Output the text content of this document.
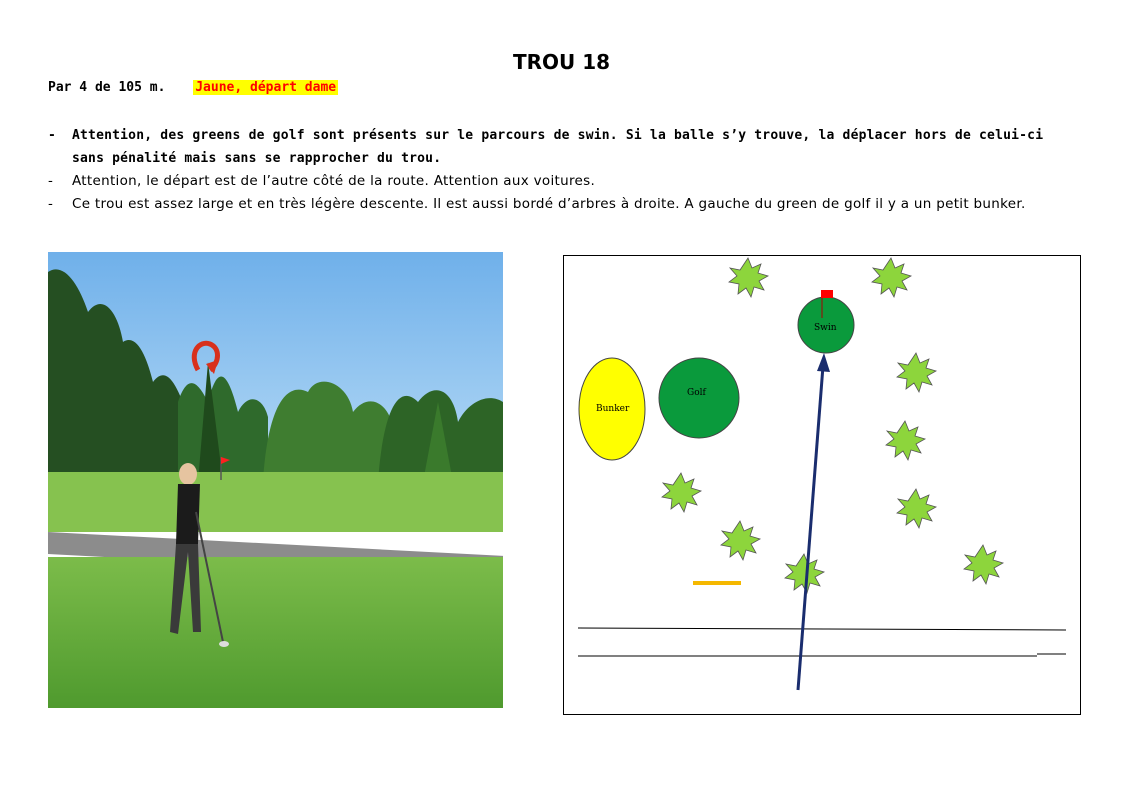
TROU 18
Par 4 de 105 m. Jaune, départ dame
- Attention, des greens de golf sont présents sur le parcours de swin. Si la balle s’y trouve, la déplacer hors de celui-ci sans pénalité mais sans se rapprocher du trou.
- Attention, le départ est de l’autre côté de la route. Attention aux voitures.
- Ce trou est assez large et en très légère descente. Il est aussi bordé d’arbres à droite. A gauche du green de golf il y a un petit bunker.
Bunker
Golf
Swin
